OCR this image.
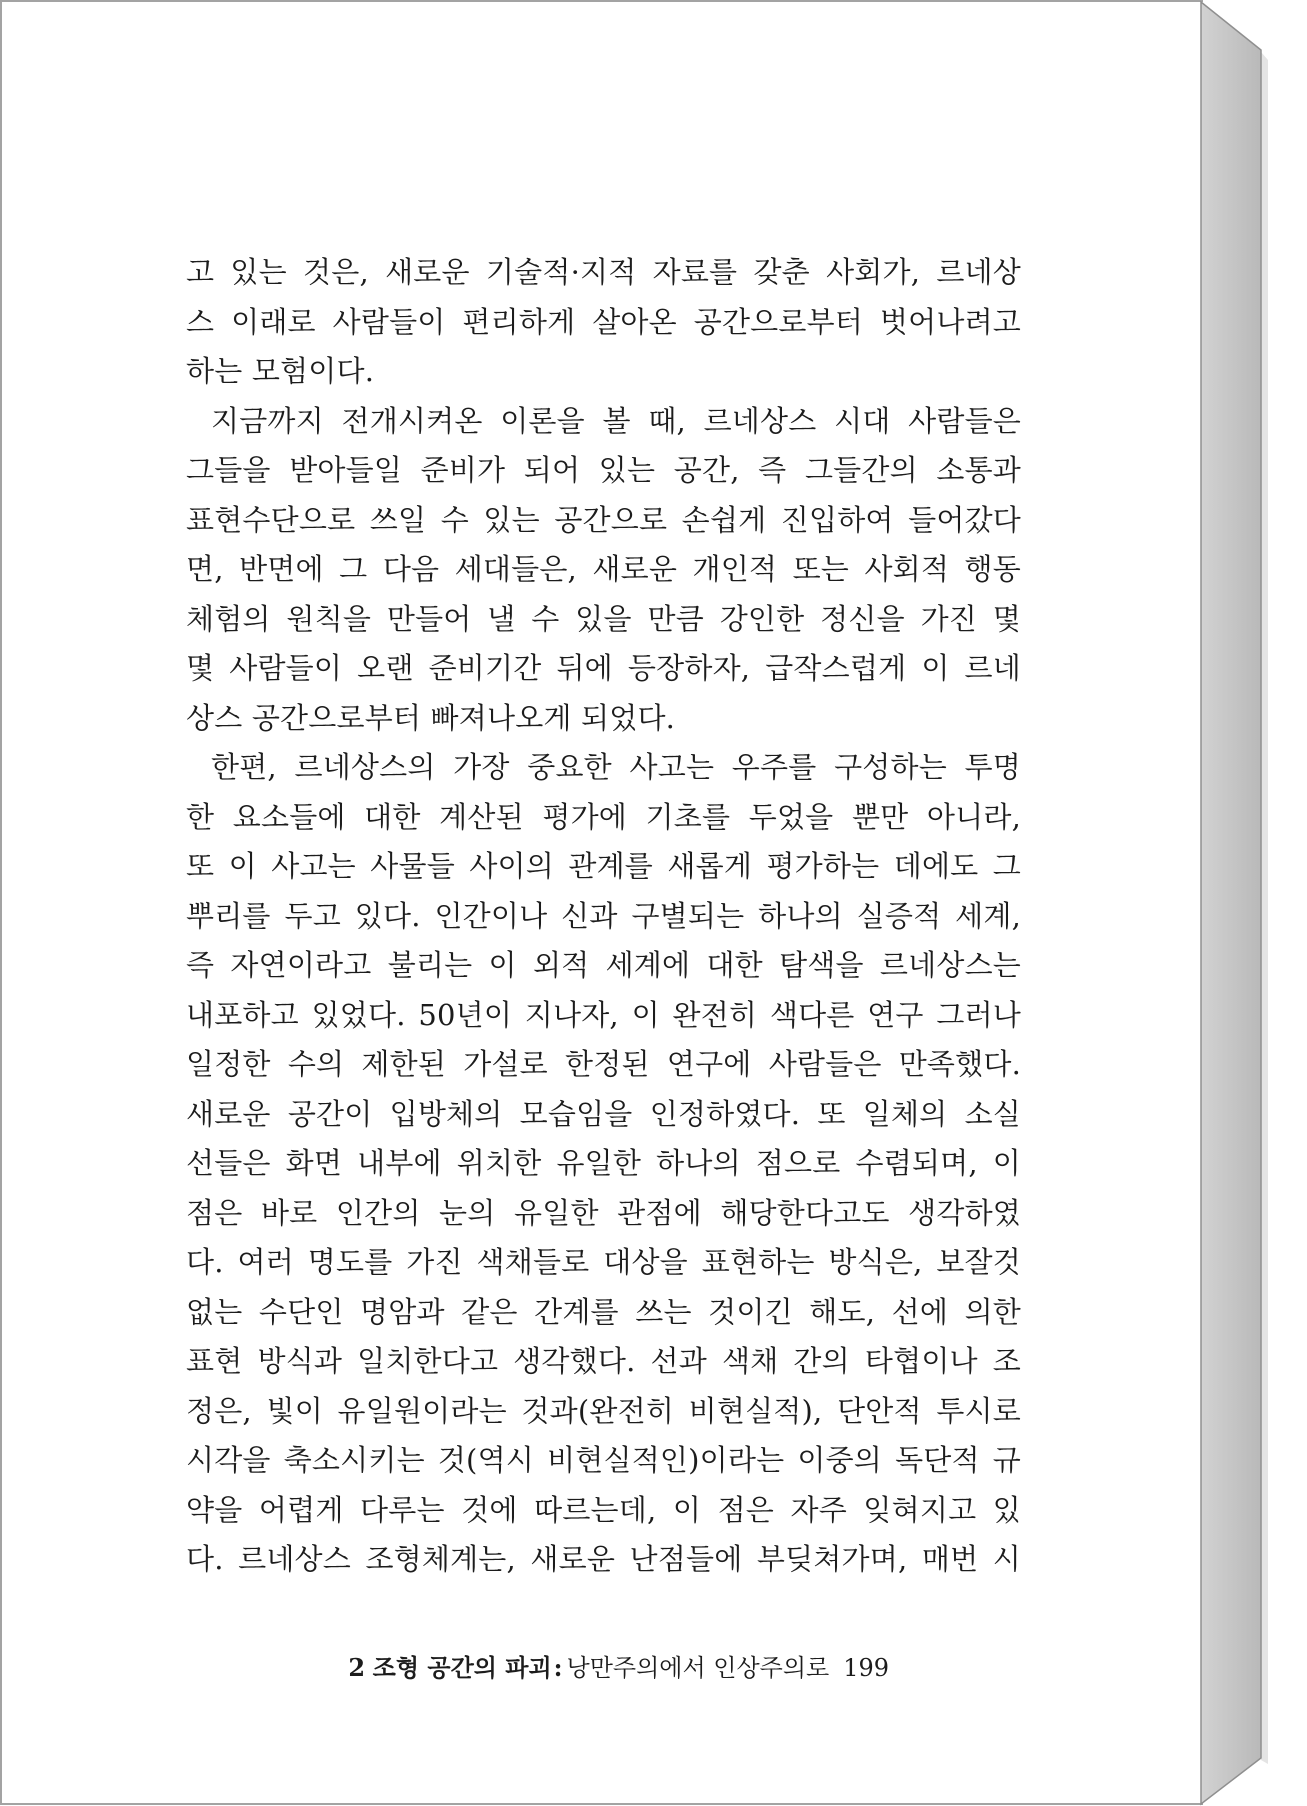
고 있는 것은, 새로운 기술적·지적 자료를 갖춘 사회가, 르네상
스 이래로 사람들이 편리하게 살아온 공간으로부터 벗어나려고
하는 모험이다.
지금까지 전개시켜온 이론을 볼 때, 르네상스 시대 사람들은
그들을 받아들일 준비가 되어 있는 공간, 즉 그들간의 소통과
표현수단으로 쓰일 수 있는 공간으로 손쉽게 진입하여 들어갔다
면, 반면에 그 다음 세대들은, 새로운 개인적 또는 사회적 행동
체험의 원칙을 만들어 낼 수 있을 만큼 강인한 정신을 가진 몇
몇 사람들이 오랜 준비기간 뒤에 등장하자, 급작스럽게 이 르네
상스 공간으로부터 빠져나오게 되었다.
한편, 르네상스의 가장 중요한 사고는 우주를 구성하는 투명
한 요소들에 대한 계산된 평가에 기초를 두었을 뿐만 아니라,
또 이 사고는 사물들 사이의 관계를 새롭게 평가하는 데에도 그
뿌리를 두고 있다. 인간이나 신과 구별되는 하나의 실증적 세계,
즉 자연이라고 불리는 이 외적 세계에 대한 탐색을 르네상스는
내포하고 있었다. 50년이 지나자, 이 완전히 색다른 연구 그러나
일정한 수의 제한된 가설로 한정된 연구에 사람들은 만족했다.
새로운 공간이 입방체의 모습임을 인정하였다. 또 일체의 소실
선들은 화면 내부에 위치한 유일한 하나의 점으로 수렴되며, 이
점은 바로 인간의 눈의 유일한 관점에 해당한다고도 생각하였
다. 여러 명도를 가진 색채들로 대상을 표현하는 방식은, 보잘것
없는 수단인 명암과 같은 간계를 쓰는 것이긴 해도, 선에 의한
표현 방식과 일치한다고 생각했다. 선과 색채 간의 타협이나 조
정은, 빛이 유일원이라는 것과(완전히 비현실적), 단안적 투시로
시각을 축소시키는 것(역시 비현실적인)이라는 이중의 독단적 규
약을 어렵게 다루는 것에 따르는데, 이 점은 자주 잊혀지고 있
다. 르네상스 조형체계는, 새로운 난점들에 부딪쳐가며, 매번 시
2 조형 공간의 파괴: 낭만주의에서 인상주의로 199
